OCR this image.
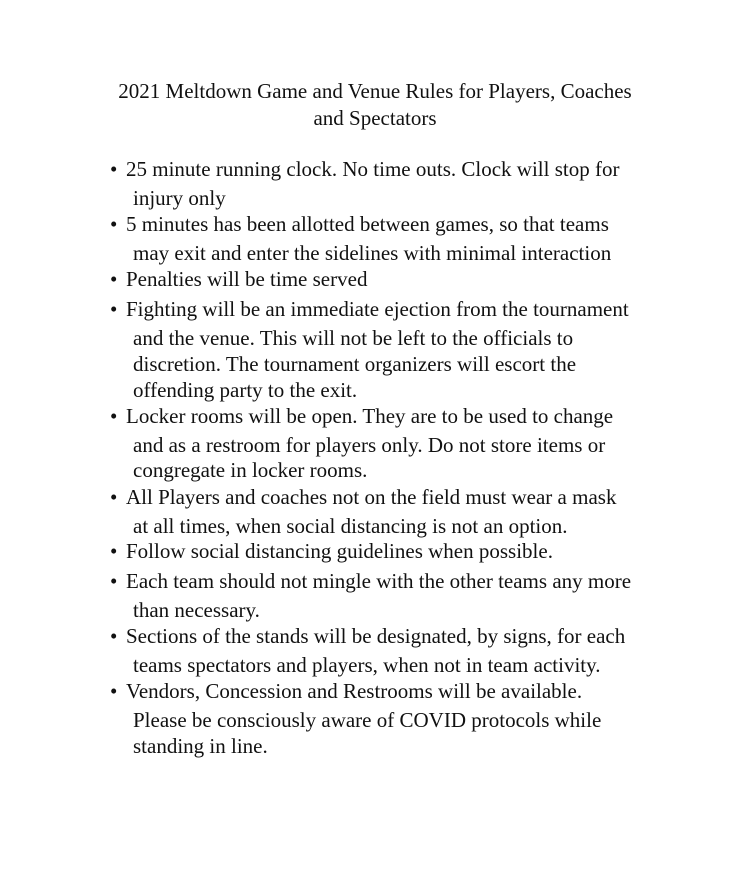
2021 Meltdown Game and Venue Rules for Players, Coaches
and Spectators
• 25 minute running clock. No time outs. Clock will stop for
injury only
• 5 minutes has been allotted between games, so that teams
may exit and enter the sidelines with minimal interaction
• Penalties will be time served
• Fighting will be an immediate ejection from the tournament
and the venue. This will not be left to the officials to
discretion. The tournament organizers will escort the
offending party to the exit.
• Locker rooms will be open. They are to be used to change
and as a restroom for players only. Do not store items or
congregate in locker rooms.
• All Players and coaches not on the field must wear a mask
at all times, when social distancing is not an option.
• Follow social distancing guidelines when possible.
• Each team should not mingle with the other teams any more
than necessary.
• Sections of the stands will be designated, by signs, for each
teams spectators and players, when not in team activity.
• Vendors, Concession and Restrooms will be available.
Please be consciously aware of COVID protocols while
standing in line.
